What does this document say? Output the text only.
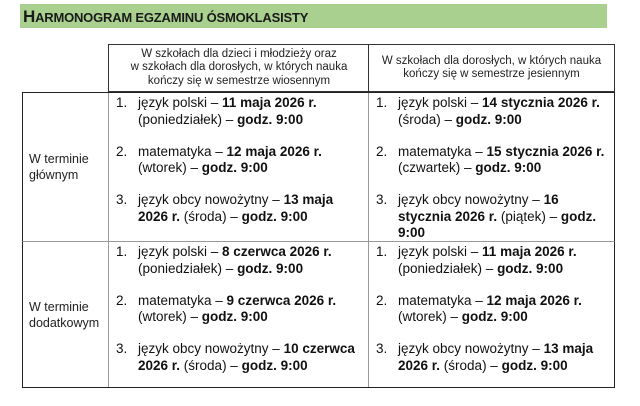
HARMONOGRAM EGZAMINU ÓSMOKLASISTY
W szkołach dla dzieci i młodzieży oraz
w szkołach dla dorosłych, w których nauka
kończy się w semestrze wiosennym
W szkołach dla dorosłych, w których nauka
kończy się w semestrze jesiennym
W terminie
głównym
1. język polski – 11 maja 2026 r. (poniedziałek) – godz. 9:00
2. matematyka – 12 maja 2026 r. (wtorek) – godz. 9:00
3. język obcy nowożytny – 13 maja 2026 r. (środa) – godz. 9:00
1. język polski – 14 stycznia 2026 r. (środa) – godz. 9:00
2. matematyka – 15 stycznia 2026 r. (czwartek) – godz. 9:00
3. język obcy nowożytny – 16 stycznia 2026 r. (piątek) – godz. 9:00
W terminie
dodatkowym
1. język polski – 8 czerwca 2026 r. (poniedziałek) – godz. 9:00
2. matematyka – 9 czerwca 2026 r. (wtorek) – godz. 9:00
3. język obcy nowożytny – 10 czerwca 2026 r. (środa) – godz. 9:00
1. język polski – 11 maja 2026 r. (poniedziałek) – godz. 9:00
2. matematyka – 12 maja 2026 r. (wtorek) – godz. 9:00
3. język obcy nowożytny – 13 maja 2026 r. (środa) – godz. 9:00
